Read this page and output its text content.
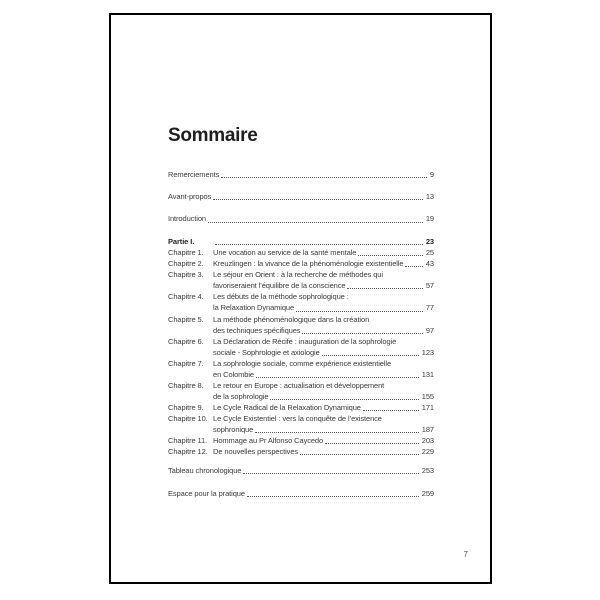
Sommaire
Remerciements	9
Avant-propos	13
Introduction	19
Partie I.	23
Chapitre 1.	Une vocation au service de la santé mentale	25
Chapitre 2.	Kreuzlingen : la vivance de la phénoménologie existentielle	43
Chapitre 3.	Le séjour en Orient : à la recherche de méthodes qui
favoriseraient l’équilibre de la conscience	57
Chapitre 4.	Les débuts de la méthode sophrologique :
la Relaxation Dynamique	77
Chapitre 5.	La méthode phénoménologique dans la création
des techniques spécifiques	97
Chapitre 6.	La Déclaration de Récife : inauguration de la sophrologie
sociale - Sophrologie et axiologie	123
Chapitre 7.	La sophrologie sociale, comme expérience existentielle
en Colombie	131
Chapitre 8.	Le retour en Europe : actualisation et développement
de la sophrologie	155
Chapitre 9.	Le Cycle Radical de la Relaxation Dynamique	171
Chapitre 10. Le Cycle Existentiel : vers la conquête de l’existence
sophronique	187
Chapitre 11. Hommage au Pr Alfonso Caycedo	203
Chapitre 12. De nouvelles perspectives	229
Tableau chronologique	253
Espace pour la pratique	259
7
